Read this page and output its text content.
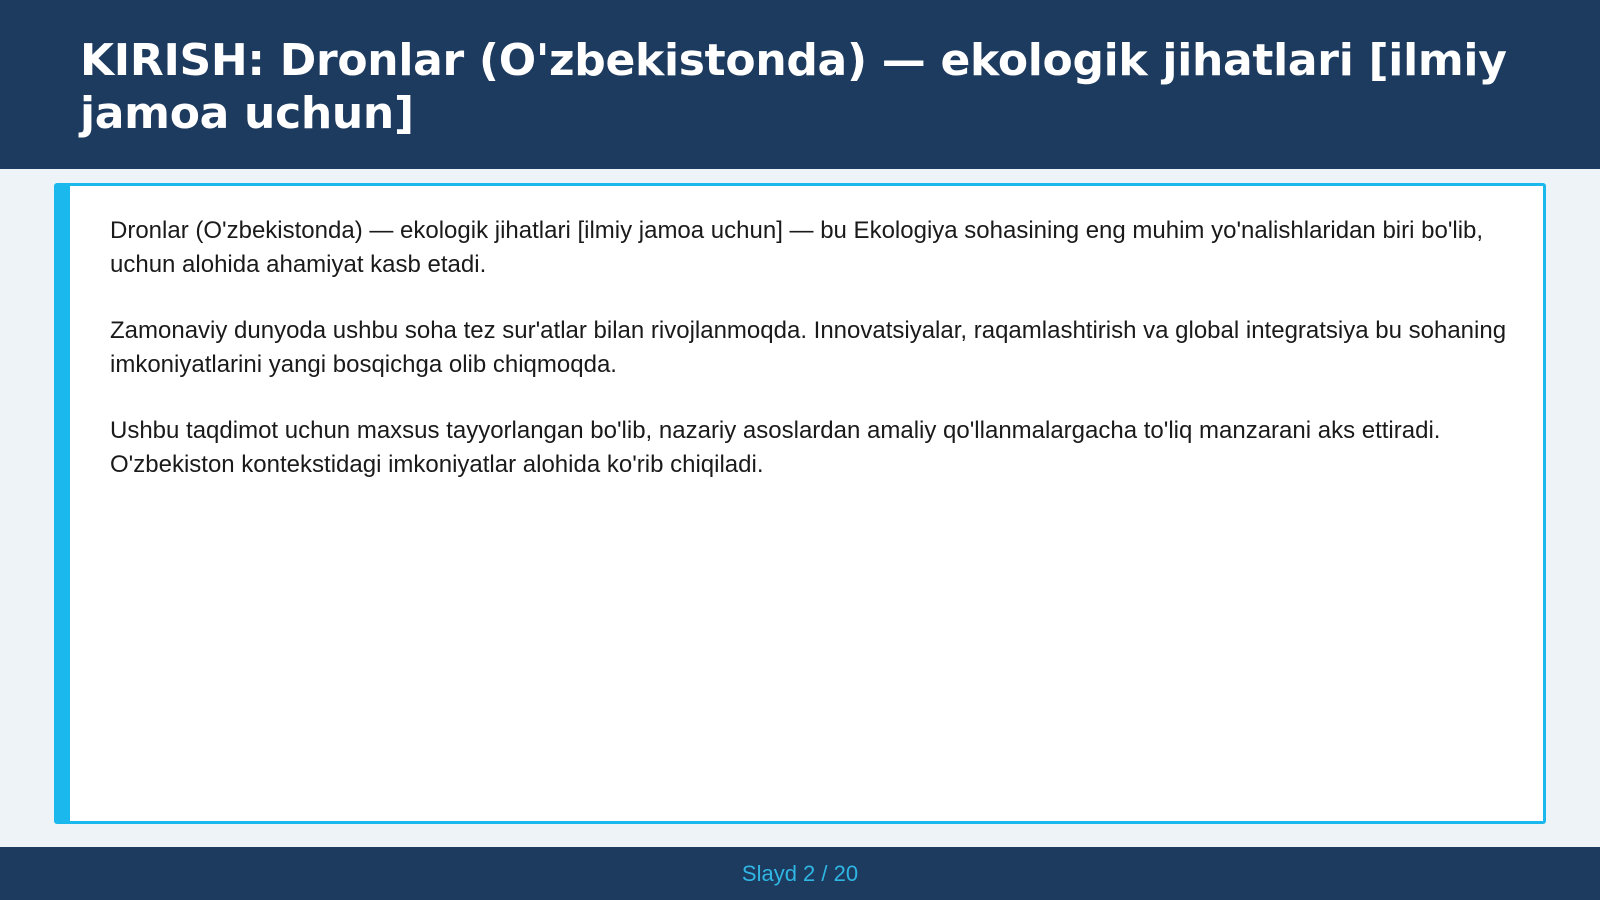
KIRISH: Dronlar (O'zbekistonda) — ekologik jihatlari [ilmiy jamoa uchun]

Dronlar (O'zbekistonda) — ekologik jihatlari [ilmiy jamoa uchun] — bu Ekologiya sohasining eng muhim yo'nalishlaridan biri bo'lib, uchun alohida ahamiyat kasb etadi.

Zamonaviy dunyoda ushbu soha tez sur'atlar bilan rivojlanmoqda. Innovatsiyalar, raqamlashtirish va global integratsiya bu sohaning imkoniyatlarini yangi bosqichga olib chiqmoqda.

Ushbu taqdimot uchun maxsus tayyorlangan bo'lib, nazariy asoslardan amaliy qo'llanmalargacha to'liq manzarani aks ettiradi. O'zbekiston kontekstidagi imkoniyatlar alohida ko'rib chiqiladi.

Slayd 2 / 20
